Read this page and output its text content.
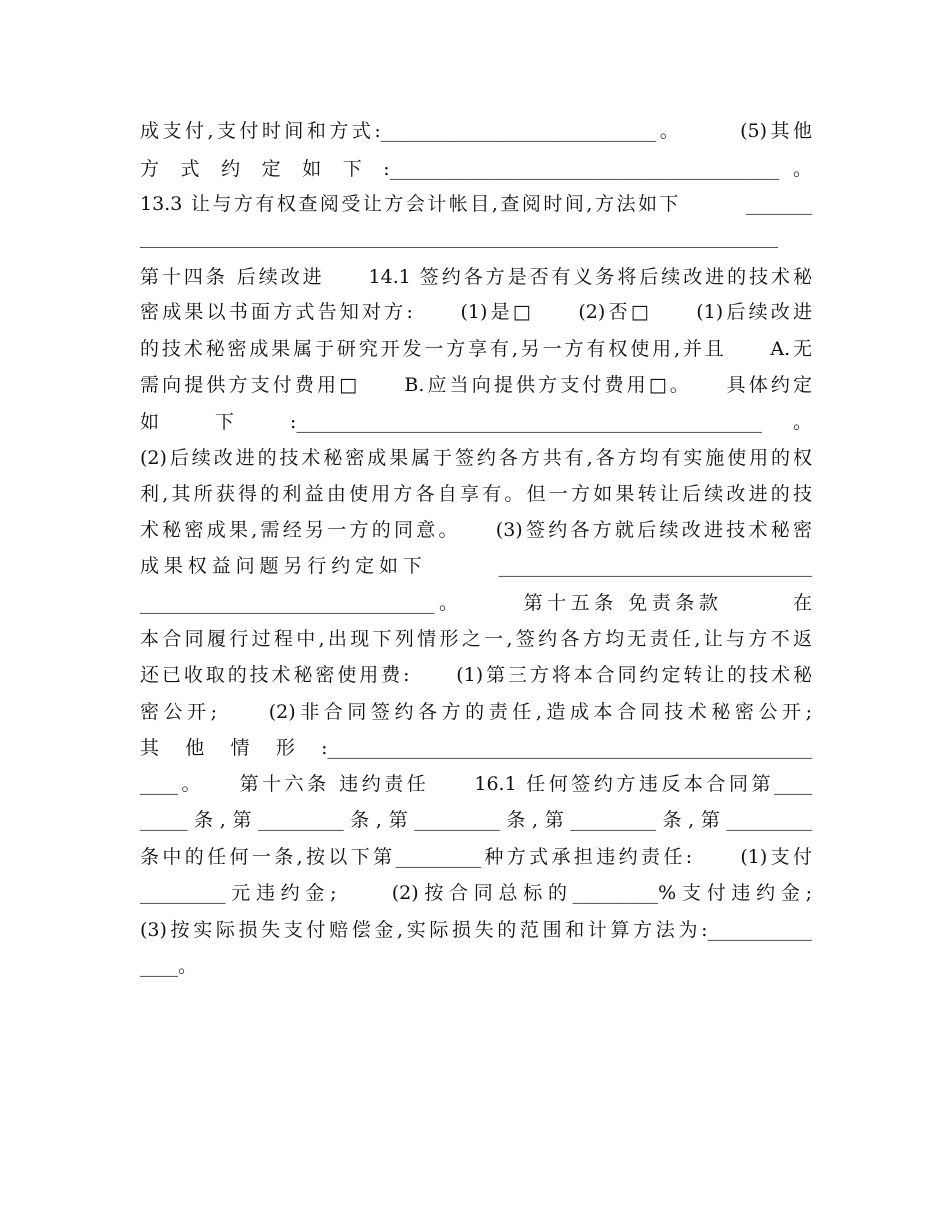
成支付,支付时间和方式:_____________________________。　　　(5)其他
方 式 约 定 如 下 :_________________________________________ 。
13.3 让与方有权查阅受让方会计帐目,查阅时间,方法如下　　　_______
第十四条 后续改进　　14.1 签约各方是否有义务将后续改进的技术秘
密成果以书面方式告知对方:　　(1)是□　　(2)否□　　(1)后续改进
的技术秘密成果属于研究开发一方享有,另一方有权使用,并且　　A.无
需向提供方支付费用□　　B.应当向提供方支付费用□。　　具体约定
如 下 :_________________________________________________ 。
(2)后续改进的技术秘密成果属于签约各方共有,各方均有实施使用的权
利,其所获得的利益由使用方各自享有。但一方如果转让后续改进的技
术秘密成果,需经另一方的同意。　　(3)签约各方就后续改进技术秘密
成果权益问题另行约定如下　　　_________________________________
_______________________________。　　　第十五条 免责条款　　　在
本合同履行过程中,出现下列情形之一,签约各方均无责任,让与方不返
还已收取的技术秘密使用费:　　(1)第三方将本合同约定转让的技术秘
密公开;　　(2)非合同签约各方的责任,造成本合同技术秘密公开;
其他情形:___________________________________________________
____。　　第十六条 违约责任　　16.1 任何签约方违反本合同第____
_____条,第_________条,第_________条,第_________条,第_________
条中的任何一条,按以下第_________种方式承担违约责任:　　(1)支付
_________元违约金;　　(2)按合同总标的_________%支付违约金;
(3)按实际损失支付赔偿金,实际损失的范围和计算方法为:___________
____。
